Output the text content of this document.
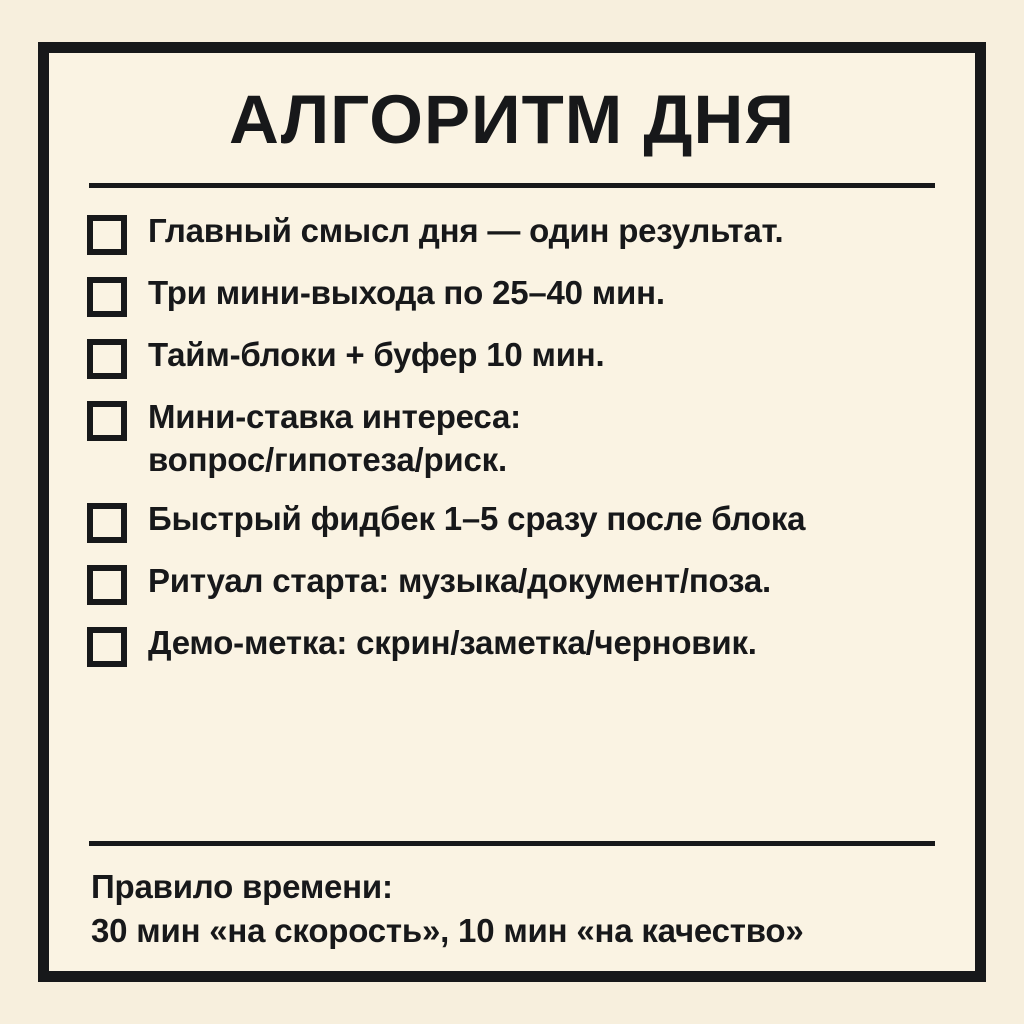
АЛГОРИТМ ДНЯ
Главный смысл дня — один результат.
Три мини-выхода по 25–40 мин.
Тайм-блоки + буфер 10 мин.
Мини-ставка интереса:
вопрос/гипотеза/риск.
Быстрый фидбек 1–5 сразу после блока
Ритуал старта: музыка/документ/поза.
Демо-метка: скрин/заметка/черновик.
Правило времени:
30 мин «на скорость», 10 мин «на качество»
